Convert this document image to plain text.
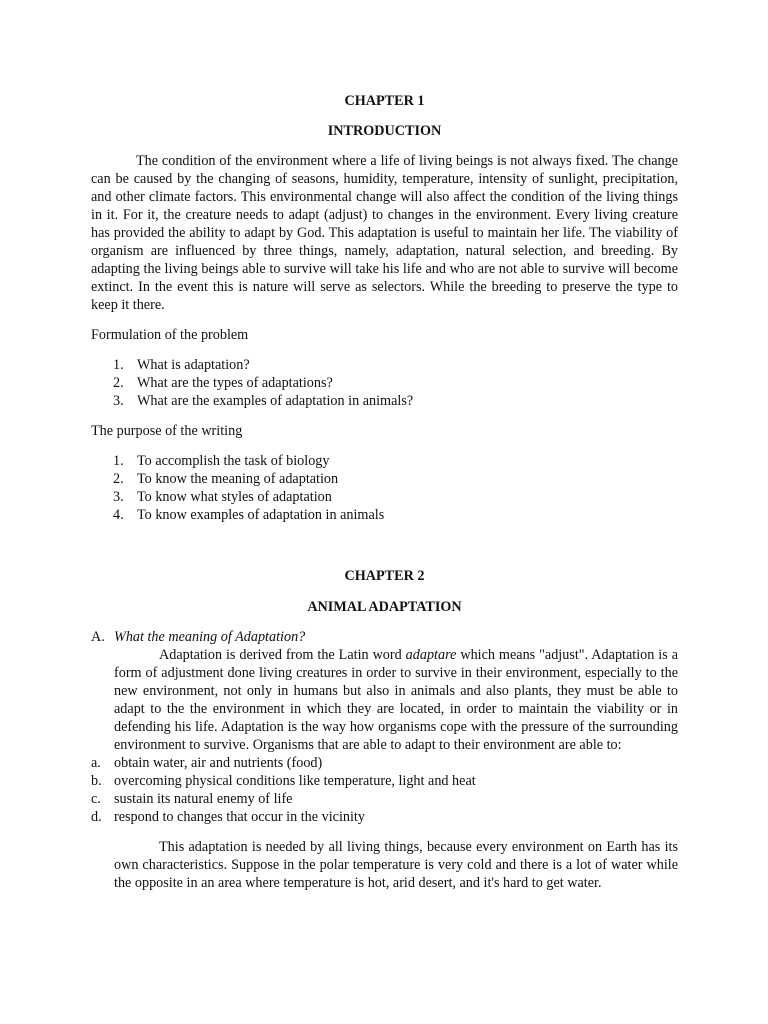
CHAPTER 1
INTRODUCTION

The condition of the environment where a life of living beings is not always fixed. The change can be caused by the changing of seasons, humidity, temperature, intensity of sunlight, precipitation, and other climate factors. This environmental change will also affect the condition of the living things in it. For it, the creature needs to adapt (adjust) to changes in the environment. Every living creature has provided the ability to adapt by God. This adaptation is useful to maintain her life. The viability of organism are influenced by three things, namely, adaptation, natural selection, and breeding. By adapting the living beings able to survive will take his life and who are not able to survive will become extinct. In the event this is nature will serve as selectors. While the breeding to preserve the type to keep it there.

Formulation of the problem

1. What is adaptation?
2. What are the types of adaptations?
3. What are the examples of adaptation in animals?

The purpose of the writing

1. To accomplish the task of biology
2. To know the meaning of adaptation
3. To know what styles of adaptation
4. To know examples of adaptation in animals
CHAPTER 2
ANIMAL ADAPTATION
A. What the meaning of Adaptation?

Adaptation is derived from the Latin word adaptare which means "adjust". Adaptation is a form of adjustment done living creatures in order to survive in their environment, especially to the new environment, not only in humans but also in animals and also plants, they must be able to adapt to the the environment in which they are located, in order to maintain the viability or in defending his life. Adaptation is the way how organisms cope with the pressure of the surrounding environment to survive. Organisms that are able to adapt to their environment are able to:

a. obtain water, air and nutrients (food)
b. overcoming physical conditions like temperature, light and heat
c. sustain its natural enemy of life
d. respond to changes that occur in the vicinity

This adaptation is needed by all living things, because every environment on Earth has its own characteristics. Suppose in the polar temperature is very cold and there is a lot of water while the opposite in an area where temperature is hot, arid desert, and it's hard to get water.
